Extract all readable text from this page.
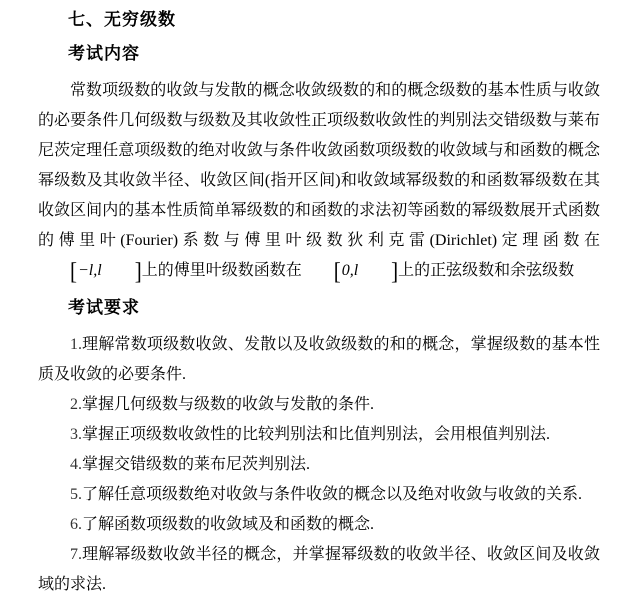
七、无穷级数
考试内容

常数项级数的收敛与发散的概念收敛级数的和的概念级数的基本性质与收敛的必要条件几何级数与级数及其收敛性正项级数收敛性的判别法交错级数与莱布尼茨定理任意项级数的绝对收敛与条件收敛函数项级数的收敛域与和函数的概念幂级数及其收敛半径、收敛区间(指开区间)和收敛域幂级数的和函数幂级数在其收敛区间内的基本性质简单幂级数的和函数的求法初等函数的幂级数展开式函数的傅里叶(Fourier)系数与傅里叶级数狄利克雷(Dirichlet)定理函数在[−l,l ]上的傅里叶级数函数在 [0,l ]上的正弦级数和余弦级数

考试要求

1.理解常数项级数收敛、发散以及收敛级数的和的概念，掌握级数的基本性质及收敛的必要条件.

2.掌握几何级数与级数的收敛与发散的条件.

3.掌握正项级数收敛性的比较判别法和比值判别法，会用根值判别法.

4.掌握交错级数的莱布尼茨判别法.

5.了解任意项级数绝对收敛与条件收敛的概念以及绝对收敛与收敛的关系.

6.了解函数项级数的收敛域及和函数的概念.

7.理解幂级数收敛半径的概念，并掌握幂级数的收敛半径、收敛区间及收敛域的求法.
